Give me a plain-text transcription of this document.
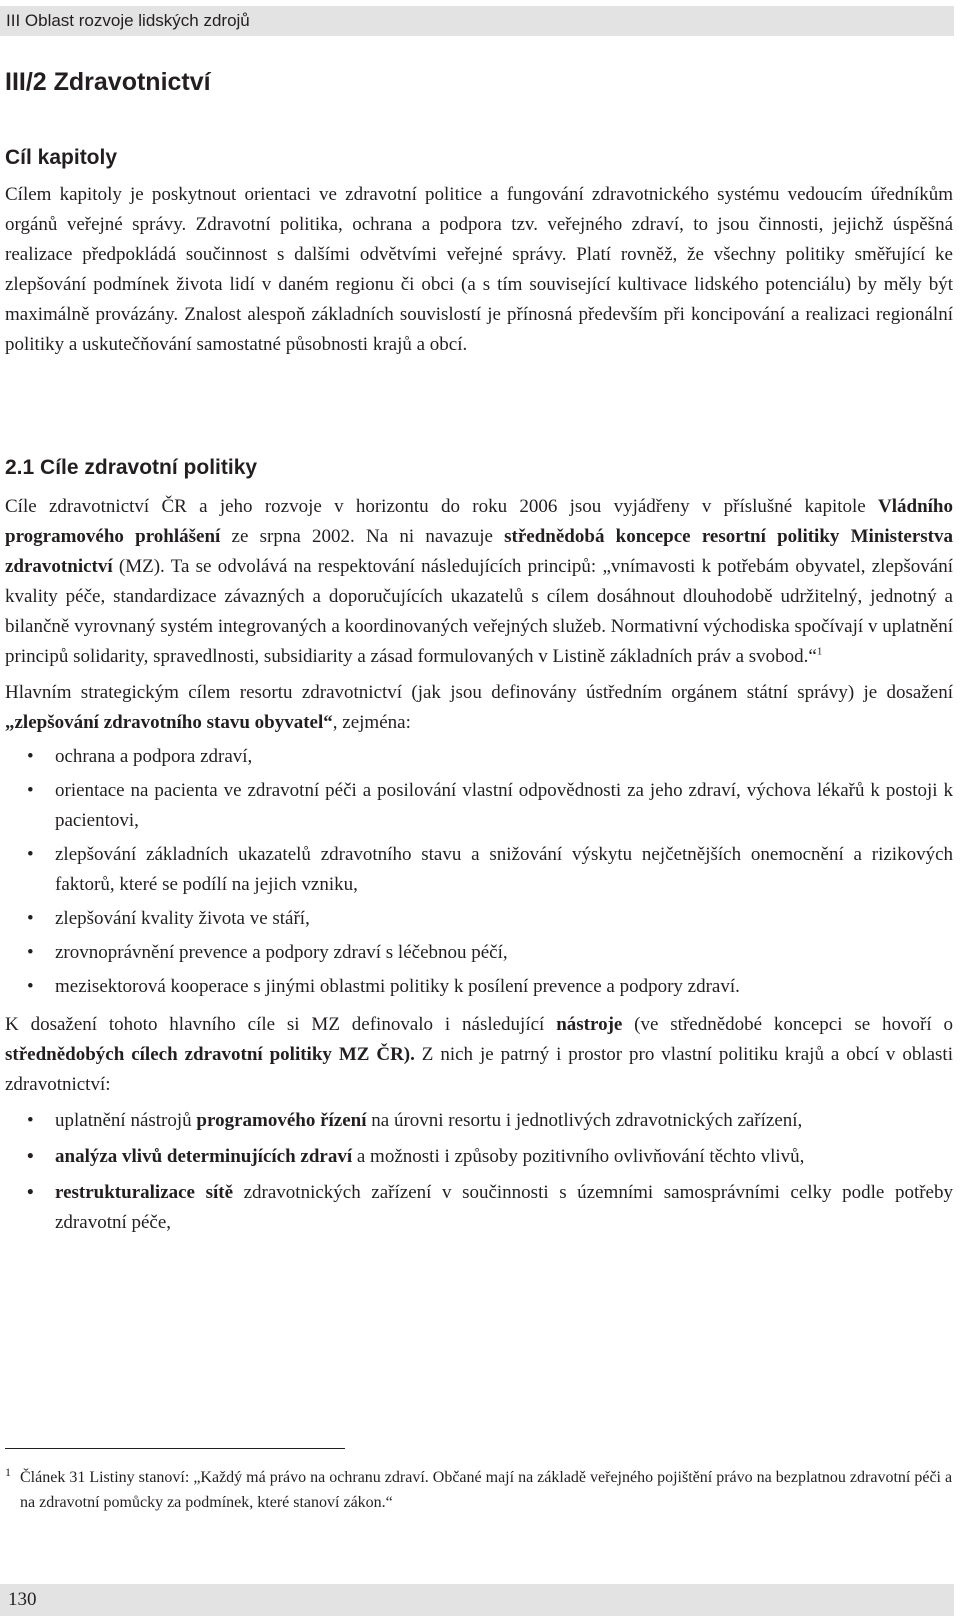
III Oblast rozvoje lidských zdrojů
III/2 Zdravotnictví
Cíl kapitoly

Cílem kapitoly je poskytnout orientaci ve zdravotní politice a fungování zdravotnického systému vedoucím úředníkům orgánů veřejné správy. Zdravotní politika, ochrana a podpora tzv. veřejného zdraví, to jsou činnosti, jejichž úspěšná realizace předpokládá součinnost s dalšími odvětvími veřejné správy. Platí rovněž, že všechny politiky směřující ke zlepšování podmínek života lidí v daném regionu či obci (a s tím související kultivace lidského potenciálu) by měly být maximálně provázány. Znalost alespoň základních souvislostí je přínosná především při koncipování a realizaci regionální politiky a uskutečňování samostatné působnosti krajů a obcí.

2.1 Cíle zdravotní politiky

Cíle zdravotnictví ČR a jeho rozvoje v horizontu do roku 2006 jsou vyjádřeny v příslušné kapitole Vládního programového prohlášení ze srpna 2002. Na ni navazuje střednědobá koncepce resortní politiky Ministerstva zdravotnictví (MZ). Ta se odvolává na respektování následujících principů: „vnímavosti k potřebám obyvatel, zlepšování kvality péče, standardizace závazných a doporučujících ukazatelů s cílem dosáhnout dlouhodobě udržitelný, jednotný a bilančně vyrovnaný systém integrovaných a koordinovaných veřejných služeb. Normativní východiska spočívají v uplatnění principů solidarity, spravedlnosti, subsidiarity a zásad formulovaných v Listině základních práv a svobod.“$^1$

Hlavním strategickým cílem resortu zdravotnictví (jak jsou definovány ústředním orgánem státní správy) je dosažení „zlepšování zdravotního stavu obyvatel“, zejména:

• ochrana a podpora zdraví,
• orientace na pacienta ve zdravotní péči a posilování vlastní odpovědnosti za jeho zdraví, výchova lékařů k postoji k pacientovi,
• zlepšování základních ukazatelů zdravotního stavu a snižování výskytu nejčetnějších onemocnění a rizikových faktorů, které se podílí na jejich vzniku,
• zlepšování kvality života ve stáří,
• zrovnoprávnění prevence a podpory zdraví s léčebnou péčí,
• mezisektorová kooperace s jinými oblastmi politiky k posílení prevence a podpory zdraví.

K dosažení tohoto hlavního cíle si MZ definovalo i následující nástroje (ve střednědobé koncepci se hovoří o střednědobých cílech zdravotní politiky MZ ČR). Z nich je patrný i prostor pro vlastní politiku krajů a obcí v oblasti zdravotnictví:

• uplatnění nástrojů programového řízení na úrovni resortu i jednotlivých zdravotnických zařízení,
• analýza vlivů determinujících zdraví a možnosti i způsoby pozitivního ovlivňování těchto vlivů,
• restrukturalizace sítě zdravotnických zařízení v součinnosti s územními samosprávními celky podle potřeby zdravotní péče,
1 Článek 31 Listiny stanoví: „Každý má právo na ochranu zdraví. Občané mají na základě veřejného pojištění právo na bezplatnou zdravotní péči a na zdravotní pomůcky za podmínek, které stanoví zákon.“
130
